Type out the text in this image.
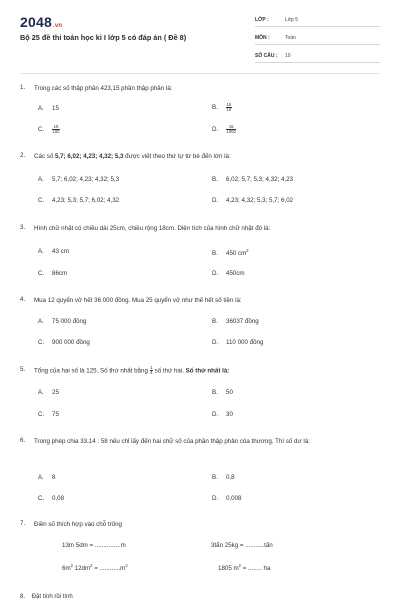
2048.vn
Bộ 25 đề thi toán học kì I lớp 5 có đáp án ( Đề 8)
LỚP :	Lớp 5
MÔN :	Toán
SỐ CÂU : 10
1. Trong các số thập phân 423,15 phần thập phân là:
A. 15	B. $\frac{15}{10}$
C. $\frac{15}{100}$	D. $\frac{15}{1000}$
2. Các số 5,7; 6,02; 4,23; 4,32; 5,3 được viết theo thứ tự từ bé đến lớn là:
A. 5,7; 6,02; 4,23; 4,32; 5,3	B. 6,02; 5,7; 5,3; 4,32; 4,23
C. 4,23; 5,3; 5,7; 6,02; 4,32	D. 4,23; 4,32; 5,3; 5,7; 6,02
3. Hình chữ nhật có chiều dài 25cm, chiều rộng 18cm. Diện tích của hình chữ nhật đó là:
A. 43 cm	B. 450 $cm^2$
C. 86cm	D. 450cm
4. Mua 12 quyển vở hết 36 000 đồng. Mua 25 quyển vở như thế hết số tiền là:
A. 75 000 đồng	B. 36037 đồng
C. 900 000 đồng	D. 110 000 đồng
5. Tổng của hai số là 125. Số thứ nhất bằng $\frac{1}{4}$ số thứ hai. Số thứ nhất là:
A. 25	B. 50
C. 75	D. 30
6. Trong phép chia 33,14 : 58 nếu chỉ lấy đến hai chữ số của phần thập phân của thương. Thì số dư là:
A. 8	B. 0,8
C. 0,08	D. 0,008
7. Điền số thích hợp vào chỗ trống
13m 5dm = ...............m	3tấn 25kg = ...........tấn
$6m^2$ $12dm^2 = ............m^2$	1805 $m^2$ = ........ ha
8. Đặt tính rồi tính
